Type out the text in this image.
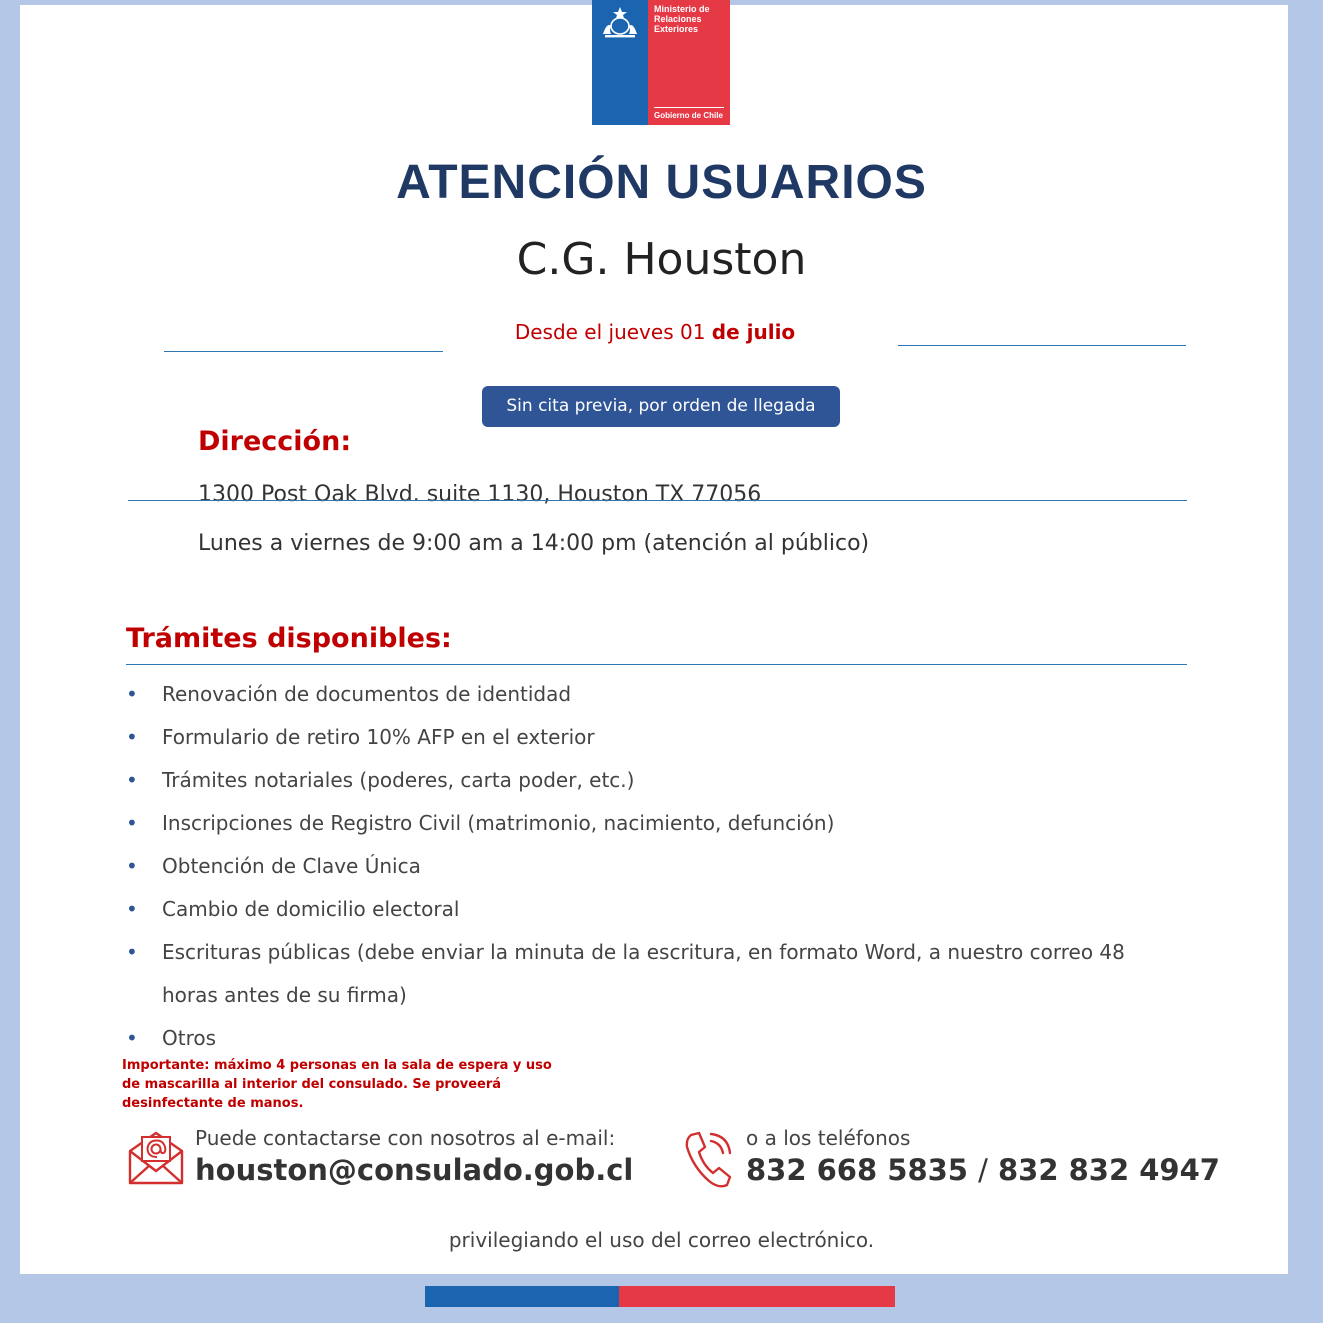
Ministerio de
Relaciones
Exteriores
Gobierno de Chile
ATENCIÓN USUARIOS
C.G. Houston
Desde el jueves 01 de julio
Sin cita previa, por orden de llegada
Dirección:
1300 Post Oak Blvd. suite 1130, Houston TX 77056
Lunes a viernes de 9:00 am a 14:00 pm (atención al público)
Trámites disponibles:
• Renovación de documentos de identidad
• Formulario de retiro 10% AFP en el exterior
• Trámites notariales (poderes, carta poder, etc.)
• Inscripciones de Registro Civil (matrimonio, nacimiento, defunción)
• Obtención de Clave Única
• Cambio de domicilio electoral
• Escrituras públicas (debe enviar la minuta de la escritura, en formato Word, a nuestro correo 48 horas antes de su firma)
• Otros
Importante: máximo 4 personas en la sala de espera y uso de mascarilla al interior del consulado. Se proveerá desinfectante de manos.
Puede contactarse con nosotros al e-mail:
houston@consulado.gob.cl
o a los teléfonos
832 668 5835 / 832 832 4947
privilegiando el uso del correo electrónico.
